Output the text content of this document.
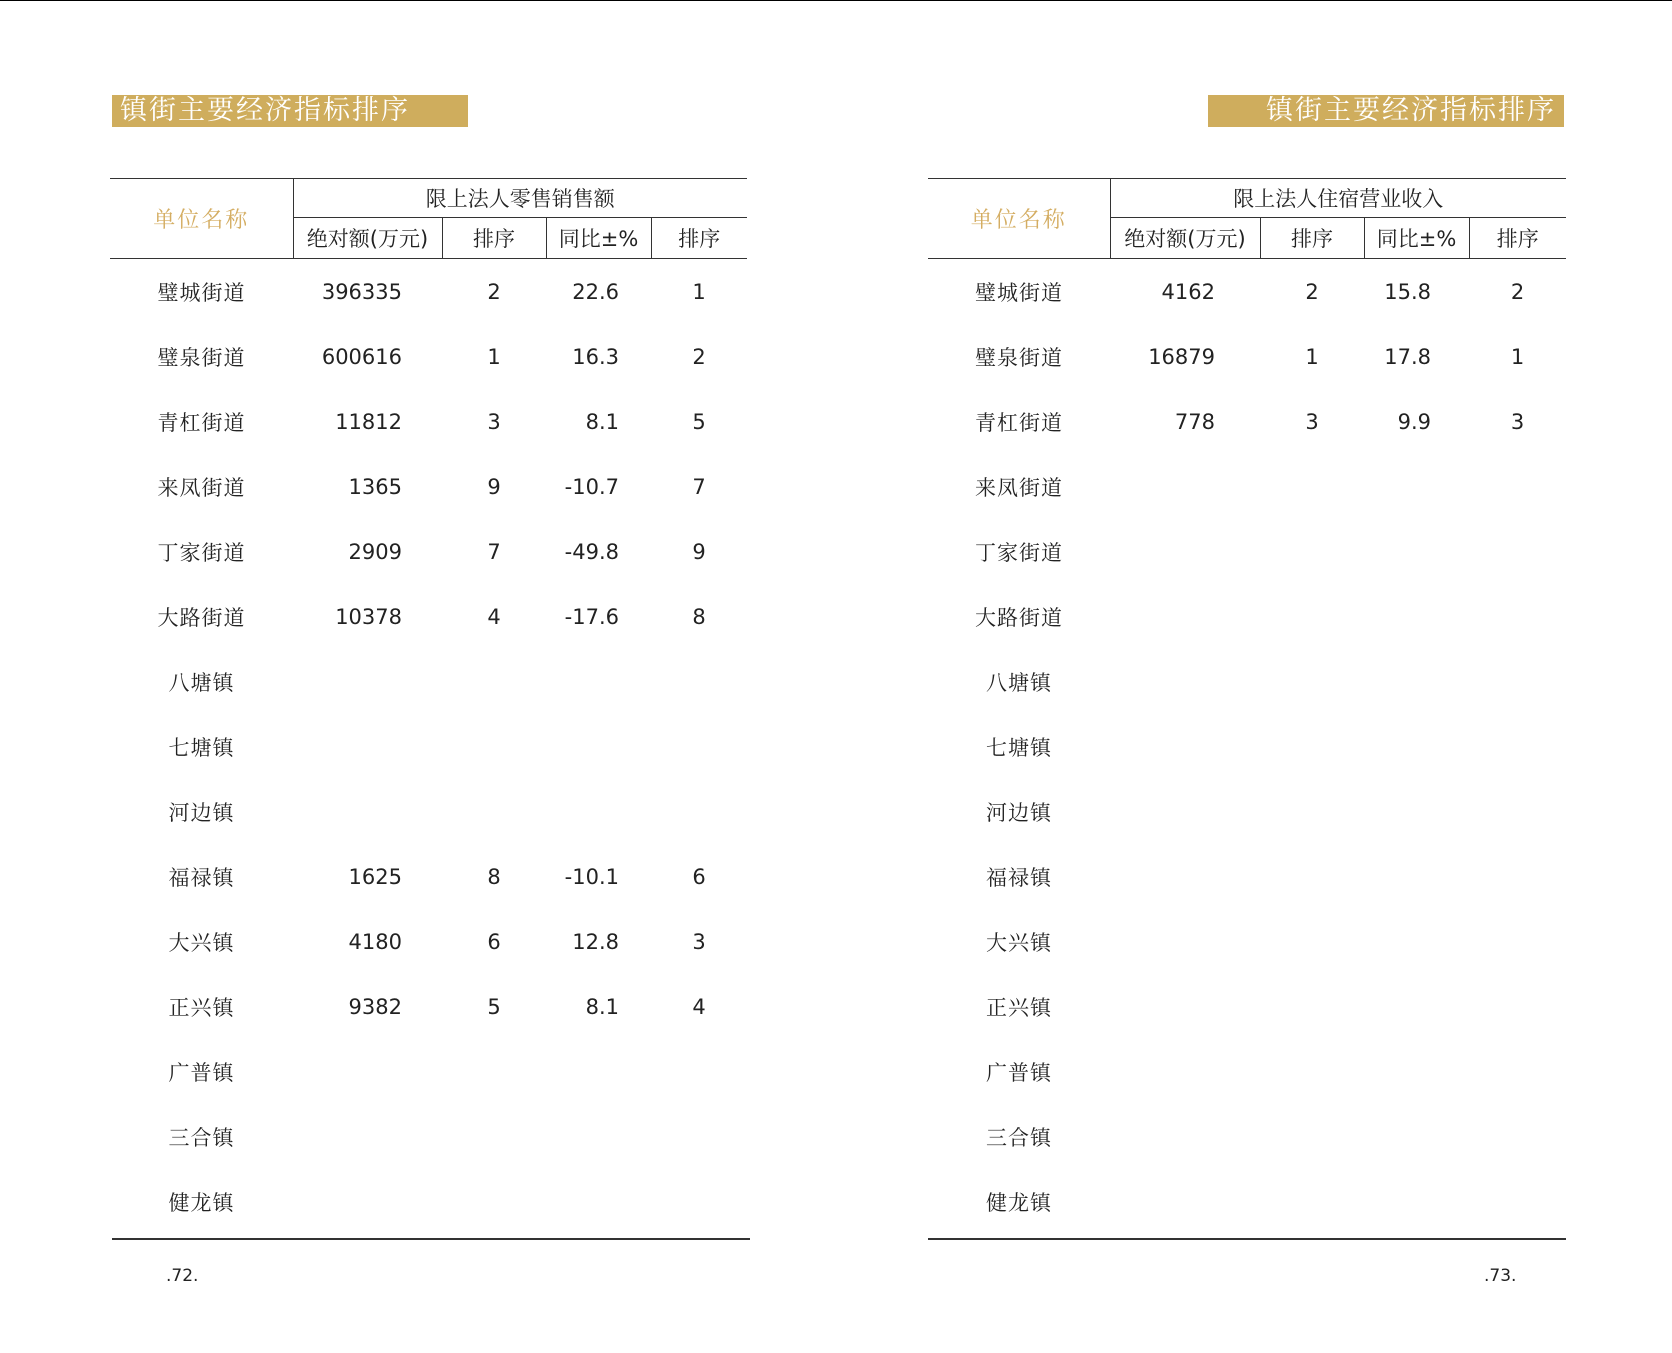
镇街主要经济指标排序
单位名称	限上法人零售销售额			
	绝对额(万元)	排序	同比±%	排序
璧城街道	396335	2	22.6	1
璧泉街道	600616	1	16.3	2
青杠街道	11812	3	8.1	5
来凤街道	1365	9	-10.7	7
丁家街道	2909	7	-49.8	9
大路街道	10378	4	-17.6	8
八塘镇				
七塘镇				
河边镇				
福禄镇	1625	8	-10.1	6
大兴镇	4180	6	12.8	3
正兴镇	9382	5	8.1	4
广普镇				
三合镇				
健龙镇				
.72.
镇街主要经济指标排序
单位名称	限上法人住宿营业收入			
	绝对额(万元)	排序	同比±%	排序
璧城街道	4162	2	15.8	2
璧泉街道	16879	1	17.8	1
青杠街道	778	3	9.9	3
来凤街道				
丁家街道				
大路街道				
八塘镇				
七塘镇				
河边镇				
福禄镇				
大兴镇				
正兴镇				
广普镇				
三合镇				
健龙镇				
.73.
